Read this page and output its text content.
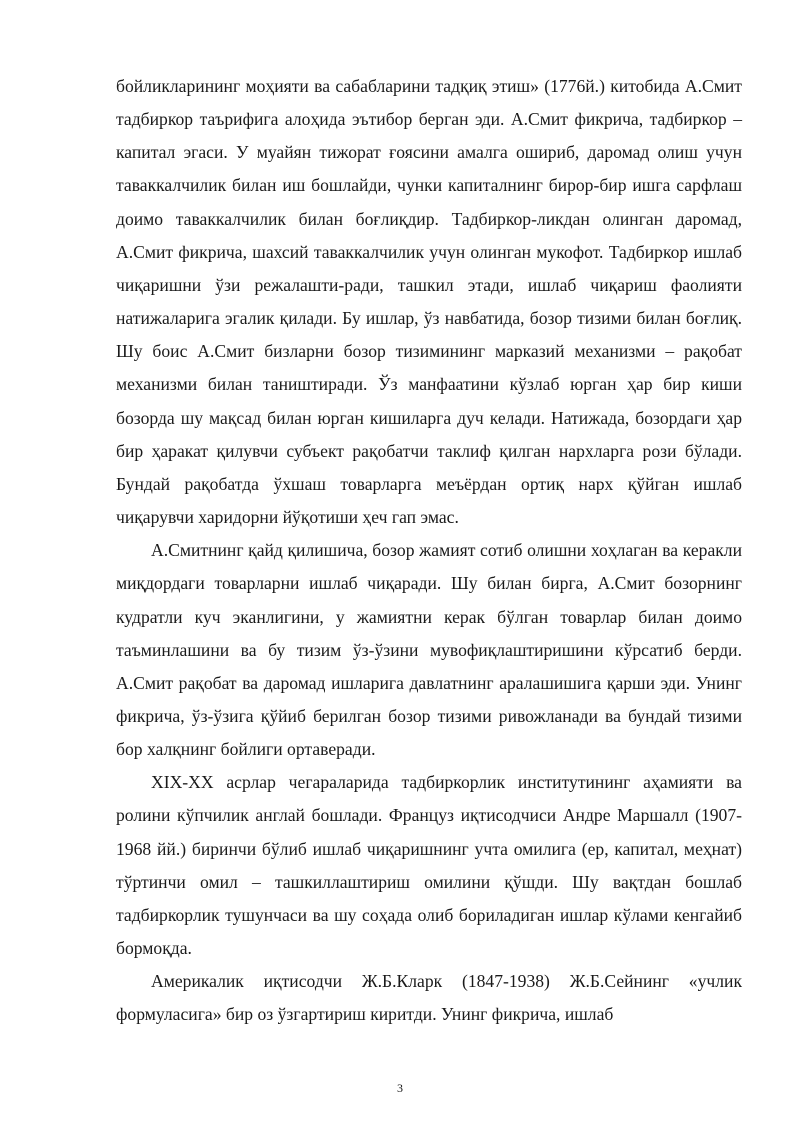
бойликларининг моҳияти ва сабабларини тадқиқ этиш» (1776й.) китобида А.Смит тадбиркор таърифига алоҳида эътибор берган эди. А.Смит фикрича, тадбиркор – капитал эгаси. У муайян тижорат ғоясини амалга ошириб, даромад олиш учун таваккалчилик билан иш бошлайди, чунки капиталнинг бирор-бир ишга сарфлаш доимо таваккалчилик билан боғлиқдир. Тадбиркор-ликдан олинган даромад, А.Смит фикрича, шахсий таваккалчилик учун олинган мукофот. Тадбиркор ишлаб чиқаришни ўзи режалашти-ради, ташкил этади, ишлаб чиқариш фаолияти натижаларига эгалик қилади. Бу ишлар, ўз навбатида, бозор тизими билан боғлиқ. Шу боис А.Смит бизларни бозор тизимининг марказий механизми – рақобат механизми билан таништиради. Ўз манфаатини кўзлаб юрган ҳар бир киши бозорда шу мақсад билан юрган кишиларга дуч келади. Натижада, бозордаги ҳар бир ҳаракат қилувчи субъект рақобатчи таклиф қилган нархларга рози бўлади. Бундай рақобатда ўхшаш товарларга меъёрдан ортиқ нарх қўйган ишлаб чиқарувчи харидорни йўқотиши ҳеч гап эмас.

А.Смитнинг қайд қилишича, бозор жамият сотиб олишни хоҳлаган ва керакли миқдордаги товарларни ишлаб чиқаради. Шу билан бирга, А.Смит бозорнинг кудратли куч эканлигини, у жамиятни керак бўлган товарлар билан доимо таъминлашини ва бу тизим ўз-ўзини мувофиқлаштиришини кўрсатиб берди. А.Смит рақобат ва даромад ишларига давлатнинг аралашишига қарши эди. Унинг фикрича, ўз-ўзига қўйиб берилган бозор тизими ривожланади ва бундай тизими бор халқнинг бойлиги ортаверади.

XIX-XX асрлар чегараларида тадбиркорлик институтининг аҳамияти ва ролини кўпчилик англай бошлади. Француз иқтисодчиси Андре Маршалл (1907-1968 йй.) биринчи бўлиб ишлаб чиқаришнинг учта омилига (ер, капитал, меҳнат) тўртинчи омил – ташкиллаштириш омилини қўшди. Шу вақтдан бошлаб тадбиркорлик тушунчаси ва шу соҳада олиб бориладиган ишлар кўлами кенгайиб бормоқда.

Америкалик иқтисодчи Ж.Б.Кларк (1847-1938) Ж.Б.Сейнинг «учлик формуласига» бир оз ўзгартириш киритди. Унинг фикрича, ишлаб

3
